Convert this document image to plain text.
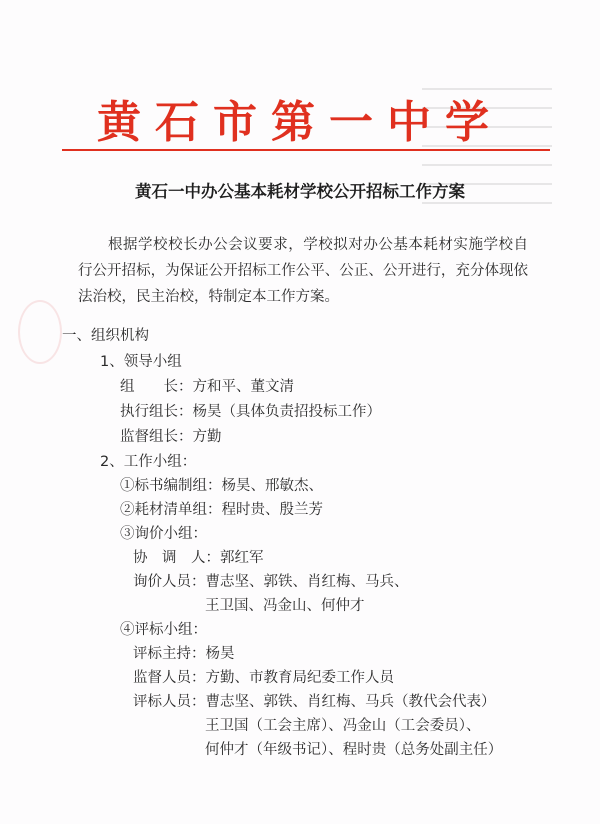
黄石市第一中学
黄石一中办公基本耗材学校公开招标工作方案
根据学校校长办公会议要求，学校拟对办公基本耗材实施学校自行公开招标，为保证公开招标工作公平、公正、公开进行，充分体现依法治校，民主治校，特制定本工作方案。
一、组织机构
1、领导小组
组　　长：方和平、董文清
执行组长：杨昊（具体负责招投标工作）
监督组长：方勤
2、工作小组：
①标书编制组：杨昊、邢敏杰、
②耗材清单组：程时贵、殷兰芳
③询价小组：
协　调　人：郭红军
询价人员：曹志坚、郭铁、肖红梅、马兵、
王卫国、冯金山、何仲才
④评标小组：
评标主持：杨昊
监督人员：方勤、市教育局纪委工作人员
评标人员：曹志坚、郭铁、肖红梅、马兵（教代会代表）
王卫国（工会主席）、冯金山（工会委员）、
何仲才（年级书记）、程时贵（总务处副主任）
